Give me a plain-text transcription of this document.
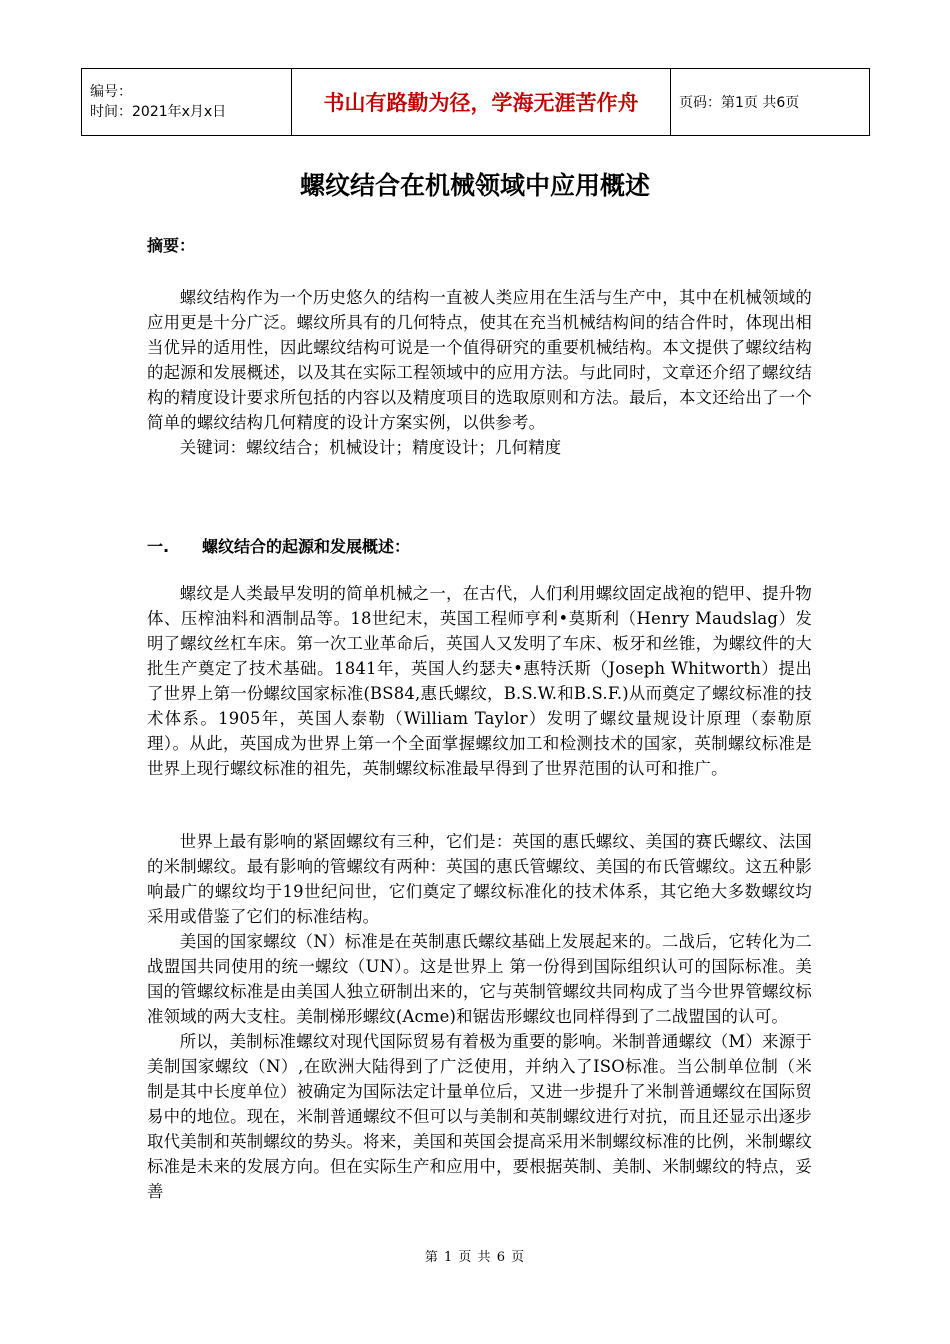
编号：
时间：2021年x月x日	书山有路勤为径，学海无涯苦作舟	页码：第1页 共6页
螺纹结合在机械领域中应用概述
摘要：

螺纹结构作为一个历史悠久的结构一直被人类应用在生活与生产中，其中在机械领域的应用更是十分广泛。螺纹所具有的几何特点，使其在充当机械结构间的结合件时，体现出相当优异的适用性，因此螺纹结构可说是一个值得研究的重要机械结构。本文提供了螺纹结构的起源和发展概述，以及其在实际工程领域中的应用方法。与此同时，文章还介绍了螺纹结构的精度设计要求所包括的内容以及精度项目的选取原则和方法。最后，本文还给出了一个简单的螺纹结构几何精度的设计方案实例，以供参考。

关键词：螺纹结合；机械设计；精度设计；几何精度

一. 螺纹结合的起源和发展概述：

螺纹是人类最早发明的简单机械之一，在古代，人们利用螺纹固定战袍的铠甲、提升物体、压榨油料和酒制品等。18世纪末，英国工程师亨利•莫斯利（Henry Maudslag）发明了螺纹丝杠车床。第一次工业革命后，英国人又发明了车床、板牙和丝锥，为螺纹件的大批生产奠定了技术基础。1841年，英国人约瑟夫•惠特沃斯（Joseph Whitworth）提出了世界上第一份螺纹国家标准(BS84,惠氏螺纹，B.S.W.和B.S.F.)从而奠定了螺纹标准的技术体系。1905年，英国人泰勒（William Taylor）发明了螺纹量规设计原理（泰勒原理）。从此，英国成为世界上第一个全面掌握螺纹加工和检测技术的国家，英制螺纹标准是世界上现行螺纹标准的祖先，英制螺纹标准最早得到了世界范围的认可和推广。

世界上最有影响的紧固螺纹有三种，它们是：英国的惠氏螺纹、美国的赛氏螺纹、法国的米制螺纹。最有影响的管螺纹有两种：英国的惠氏管螺纹、美国的布氏管螺纹。这五种影响最广的螺纹均于19世纪问世，它们奠定了螺纹标准化的技术体系，其它绝大多数螺纹均采用或借鉴了它们的标准结构。

美国的国家螺纹（N）标准是在英制惠氏螺纹基础上发展起来的。二战后，它转化为二战盟国共同使用的统一螺纹（UN）。这是世界上 第一份得到国际组织认可的国际标准。美国的管螺纹标准是由美国人独立研制出来的，它与英制管螺纹共同构成了当今世界管螺纹标准领域的两大支柱。美制梯形螺纹(Acme)和锯齿形螺纹也同样得到了二战盟国的认可。

所以，美制标准螺纹对现代国际贸易有着极为重要的影响。米制普通螺纹（M）来源于美制国家螺纹（N）,在欧洲大陆得到了广泛使用，并纳入了ISO标准。当公制单位制（米制是其中长度单位）被确定为国际法定计量单位后，又进一步提升了米制普通螺纹在国际贸易中的地位。现在，米制普通螺纹不但可以与美制和英制螺纹进行对抗，而且还显示出逐步取代美制和英制螺纹的势头。将来，美国和英国会提高采用米制螺纹标准的比例，米制螺纹标准是未来的发展方向。但在实际生产和应用中，要根据英制、美制、米制螺纹的特点，妥善

第 1 页 共 6 页
